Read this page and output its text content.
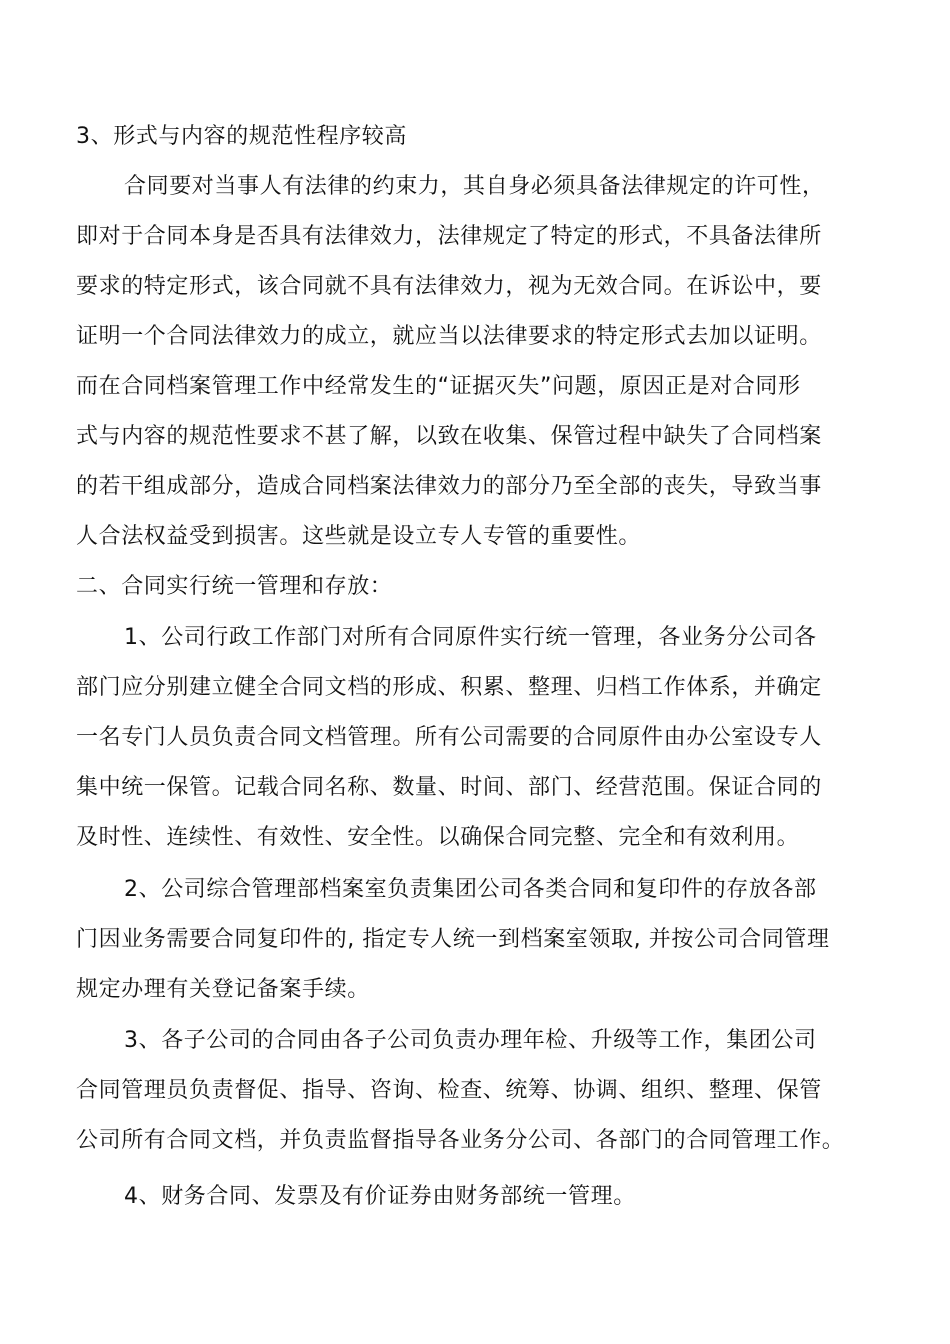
3、形式与内容的规范性程序较高
合同要对当事人有法律的约束力，其自身必须具备法律规定的许可性，
即对于合同本身是否具有法律效力，法律规定了特定的形式，不具备法律所
要求的特定形式，该合同就不具有法律效力，视为无效合同。在诉讼中，要
证明一个合同法律效力的成立，就应当以法律要求的特定形式去加以证明。
而在合同档案管理工作中经常发生的“证据灭失”问题，原因正是对合同形
式与内容的规范性要求不甚了解，以致在收集、保管过程中缺失了合同档案
的若干组成部分，造成合同档案法律效力的部分乃至全部的丧失，导致当事
人合法权益受到损害。这些就是设立专人专管的重要性。
二、合同实行统一管理和存放：
1、公司行政工作部门对所有合同原件实行统一管理，各业务分公司各
部门应分别建立健全合同文档的形成、积累、整理、归档工作体系，并确定
一名专门人员负责合同文档管理。所有公司需要的合同原件由办公室设专人
集中统一保管。记载合同名称、数量、时间、部门、经营范围。保证合同的
及时性、连续性、有效性、安全性。以确保合同完整、完全和有效利用。
2、公司综合管理部档案室负责集团公司各类合同和复印件的存放各部
门因业务需要合同复印件的, 指定专人统一到档案室领取, 并按公司合同管理
规定办理有关登记备案手续。
3、各子公司的合同由各子公司负责办理年检、升级等工作，集团公司
合同管理员负责督促、指导、咨询、检查、统筹、协调、组织、整理、保管
公司所有合同文档，并负责监督指导各业务分公司、各部门的合同管理工作。
4、财务合同、发票及有价证券由财务部统一管理。
